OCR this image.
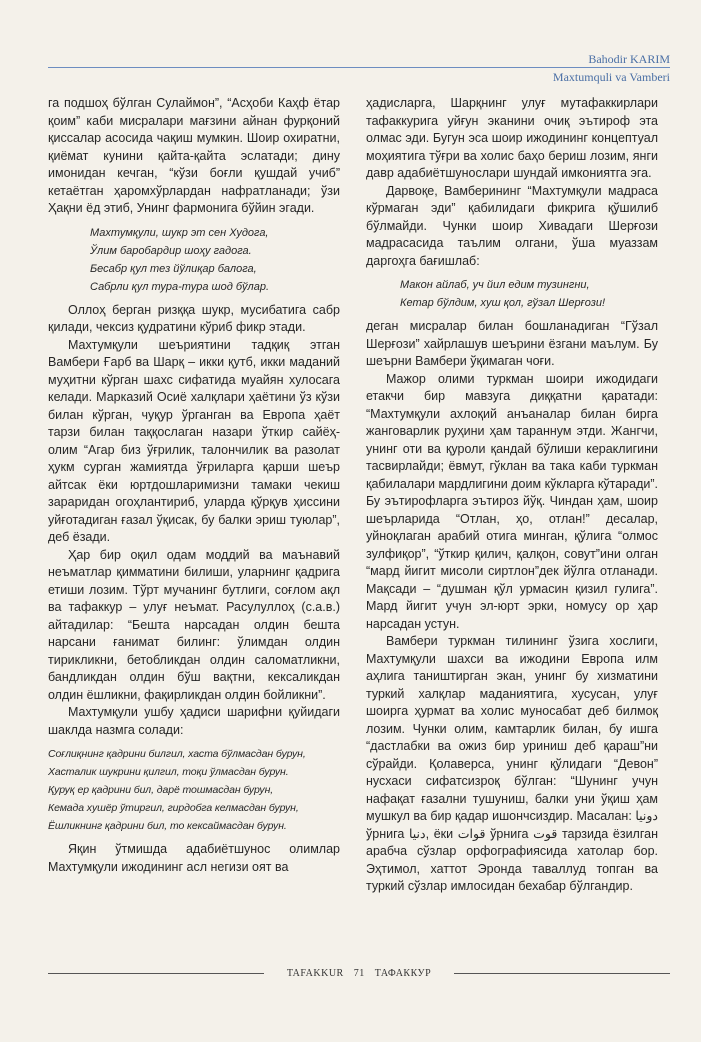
Bahodir KARIM
Maxtumquli va Vamberi

га подшоҳ бўлган Сулаймон”, “Асҳоби Каҳф ётар қоим” каби мисралари мағзини айнан фурқоний қиссалар асосида чақиш мумкин. Шоир охиратни, қиёмат кунини қайта-қайта эслатади; дину имонидан кечган, “кўзи боғли қушдай учиб” кетаётган ҳаромхўрлардан нафратланади; ўзи Ҳақни ёд этиб, Унинг фармонига бўйин эгади.

Махтумқули, шукр эт сен Худога,
Ўлим баробардир шоҳу гадога.
Бесабр қул тез йўлиқар балога,
Сабрли қул тура-тура шод бўлар.

Оллоҳ берган ризққа шукр, мусибатига сабр қилади, чексиз қудратини кўриб фикр этади.

Махтумқули шеъриятини тадқиқ этган Вамбери Ғарб ва Шарқ – икки қутб, икки маданий муҳитни кўрган шахс сифатида муайян хулосага келади. Марказий Осиё халқлари ҳаётини ўз кўзи билан кўрган, чуқур ўрганган ва Европа ҳаёт тарзи билан таққослаган назари ўткир сайёҳ-олим “Агар биз ўғрилик, талончилик ва разолат ҳукм сурган жамиятда ўғриларга қарши шеър айтсак ёки юртдошларимизни тамаки чекиш зараридан огоҳлантириб, уларда қўрқув ҳиссини уйғотадиган ғазал ўқисак, бу балки эриш туюлар”, деб ёзади.

Ҳар бир оқил одам моддий ва маънавий неъматлар қимматини билиши, уларнинг қадрига етиши лозим. Тўрт мучанинг бутлиги, соғлом ақл ва тафаккур – улуғ неъмат. Расулуллоҳ (с.а.в.) айтадилар: “Бешта нарсадан олдин бешта нарсани ғанимат билинг: ўлимдан олдин тирикликни, бетобликдан олдин саломатликни, бандликдан олдин бўш вақтни, кексаликдан олдин ёшликни, фақирликдан олдин бойликни”.

Махтумқули ушбу ҳадиси шарифни қуйидаги шаклда назмга солади:

Соғлиқнинг қадрини билгил, хаста бўлмасдан бурун,
Хасталик шукрини қилгил, тоқи ўлмасдан бурун.
Қуруқ ер қадрини бил, дарё тошмасдан бурун,
Кемада хушёр ўтиргил, гирдобга келмасдан бурун,
Ёшликнинг қадрини бил, то кексаймасдан бурун.

Яқин ўтмишда адабиётшунос олимлар Махтумқули ижодининг асл негизи оят ва

ҳадисларга, Шарқнинг улуғ мутафаккирлари тафаккурига уйғун эканини очиқ эътироф эта олмас эди. Бугун эса шоир ижодининг концептуал моҳиятига тўғри ва холис баҳо бериш лозим, янги давр адабиётшунослари шундай имкониятга эга.

Дарвоқе, Вамберининг “Махтумқули мадраса кўрмаган эди” қабилидаги фикрига қўшилиб бўлмайди. Чунки шоир Хивадаги Шерғози мадрасасида таълим олгани, ўша муаззам даргоҳга бағишлаб:

Макон айлаб, уч йил едим тузингни,
Кетар бўлдим, хуш қол, гўзал Шерғози!

деган мисралар билан бошланадиган “Гўзал Шерғози” хайрлашув шеърини ёзгани маълум. Бу шеърни Вамбери ўқимаган чоғи.

Мажор олими туркман шоири ижодидаги етакчи бир мавзуга диққатни қаратади: “Махтумқули ахлоқий анъаналар билан бирга жанговарлик руҳини ҳам тараннум этди. Жангчи, унинг оти ва қуроли қандай бўлиши кераклигини тасвирлайди; ёвмут, гўклан ва така каби туркман қабилалари мардлигини доим кўкларга кўтаради”. Бу эътирофларга эътироз йўқ. Чиндан ҳам, шоир шеърларида “Отлан, ҳо, отлан!” десалар, уйноқлаган арабий отига минган, қўлига “олмос зулфиқор”, “ўткир қилич, қалқон, совут”ини олган “мард йигит мисоли сиртлон”дек йўлга отланади. Мақсади – “душман қўл урмасин қизил гулига”. Мард йигит учун эл-юрт эрки, номусу ор ҳар нарсадан устун.

Вамбери туркман тилининг ўзига хослиги, Махтумқули шахси ва ижодини Европа илм аҳлига таништирган экан, унинг бу хизматини туркий халқлар маданиятига, хусусан, улуғ шоирга ҳурмат ва холис муносабат деб билмоқ лозим. Чунки олим, камтарлик билан, бу ишга “дастлабки ва ожиз бир уриниш деб қараш”ни сўрайди. Қолаверса, унинг қўлидаги “Девон” нусхаси сифатсизроқ бўлган: “Шунинг учун нафақат ғазални тушуниш, балки уни ўқиш ҳам мушкул ва бир қадар ишончсиздир. Масалан: دونیا ўрнига دنیا, ёки قوات ўрнига قوت тарзида ёзилган арабча сўзлар орфографиясида хатолар бор. Эҳтимол, хаттот Эронда таваллуд топган ва туркий сўзлар имлосидан бехабар бўлгандир.

TAFAKKUR 71 ТАФАККУР
